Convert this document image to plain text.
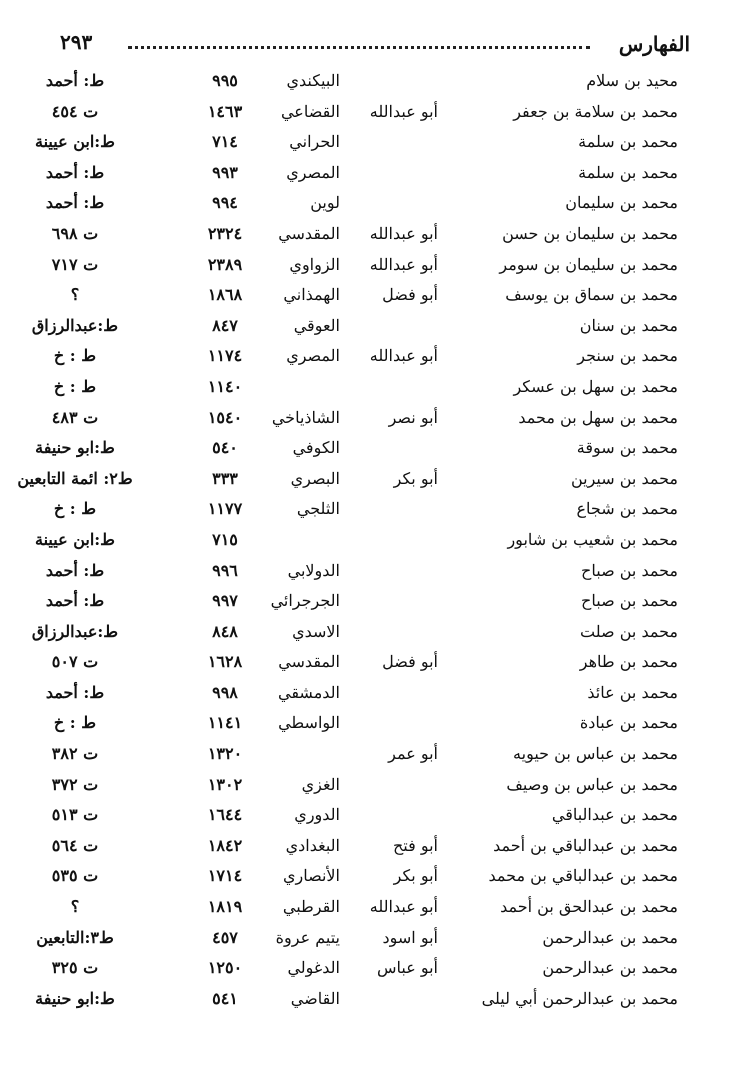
الفهارس
٢٩٣
محيد بن سلام
البيكندي
٩٩٥
ط: أحمد
محمد بن سلامة بن جعفر
أبو عبدالله
القضاعي
١٤٦٣
ت ٤٥٤
محمد بن سلمة
الحراني
٧١٤
ط:ابن عيينة
محمد بن سلمة
المصري
٩٩٣
ط: أحمد
محمد بن سليمان
لوين
٩٩٤
ط: أحمد
محمد بن سليمان بن حسن
أبو عبدالله
المقدسي
٢٣٢٤
ت ٦٩٨
محمد بن سليمان بن سومر
أبو عبدالله
الزواوي
٢٣٨٩
ت ٧١٧
محمد بن سماق بن يوسف
أبو فضل
الهمذاني
١٨٦٨
؟
محمد بن سنان
العوقي
٨٤٧
ط:عبدالرزاق
محمد بن سنجر
أبو عبدالله
المصري
١١٧٤
ط : خ
محمد بن سهل بن عسكر
١١٤٠
ط : خ
محمد بن سهل بن محمد
أبو نصر
الشاذياخي
١٥٤٠
ت ٤٨٣
محمد بن سوقة
الكوفي
٥٤٠
ط:ابو حنيفة
محمد بن سيرين
أبو بكر
البصري
٣٣٣
ط٢: ائمة التابعين
محمد بن شجاع
الثلجي
١١٧٧
ط : خ
محمد بن شعيب بن شابور
٧١٥
ط:ابن عيينة
محمد بن صباح
الدولابي
٩٩٦
ط: أحمد
محمد بن صباح
الجرجرائي
٩٩٧
ط: أحمد
محمد بن صلت
الاسدي
٨٤٨
ط:عبدالرزاق
محمد بن طاهر
أبو فضل
المقدسي
١٦٢٨
ت ٥٠٧
محمد بن عائذ
الدمشقي
٩٩٨
ط: أحمد
محمد بن عبادة
الواسطي
١١٤١
ط : خ
محمد بن عباس بن حيويه
أبو عمر
١٣٢٠
ت ٣٨٢
محمد بن عباس بن وصيف
الغزي
١٣٠٢
ت ٣٧٢
محمد بن عبدالباقي
الدوري
١٦٤٤
ت ٥١٣
محمد بن عبدالباقي بن أحمد
أبو فتح
البغدادي
١٨٤٢
ت ٥٦٤
محمد بن عبدالباقي بن محمد
أبو بكر
الأنصاري
١٧١٤
ت ٥٣٥
محمد بن عبدالحق بن أحمد
أبو عبدالله
القرطبي
١٨١٩
؟
محمد بن عبدالرحمن
أبو اسود
يتيم عروة
٤٥٧
ط٣:التابعين
محمد بن عبدالرحمن
أبو عباس
الدغولي
١٢٥٠
ت ٣٢٥
محمد بن عبدالرحمن أبي ليلى
القاضي
٥٤١
ط:ابو حنيفة
